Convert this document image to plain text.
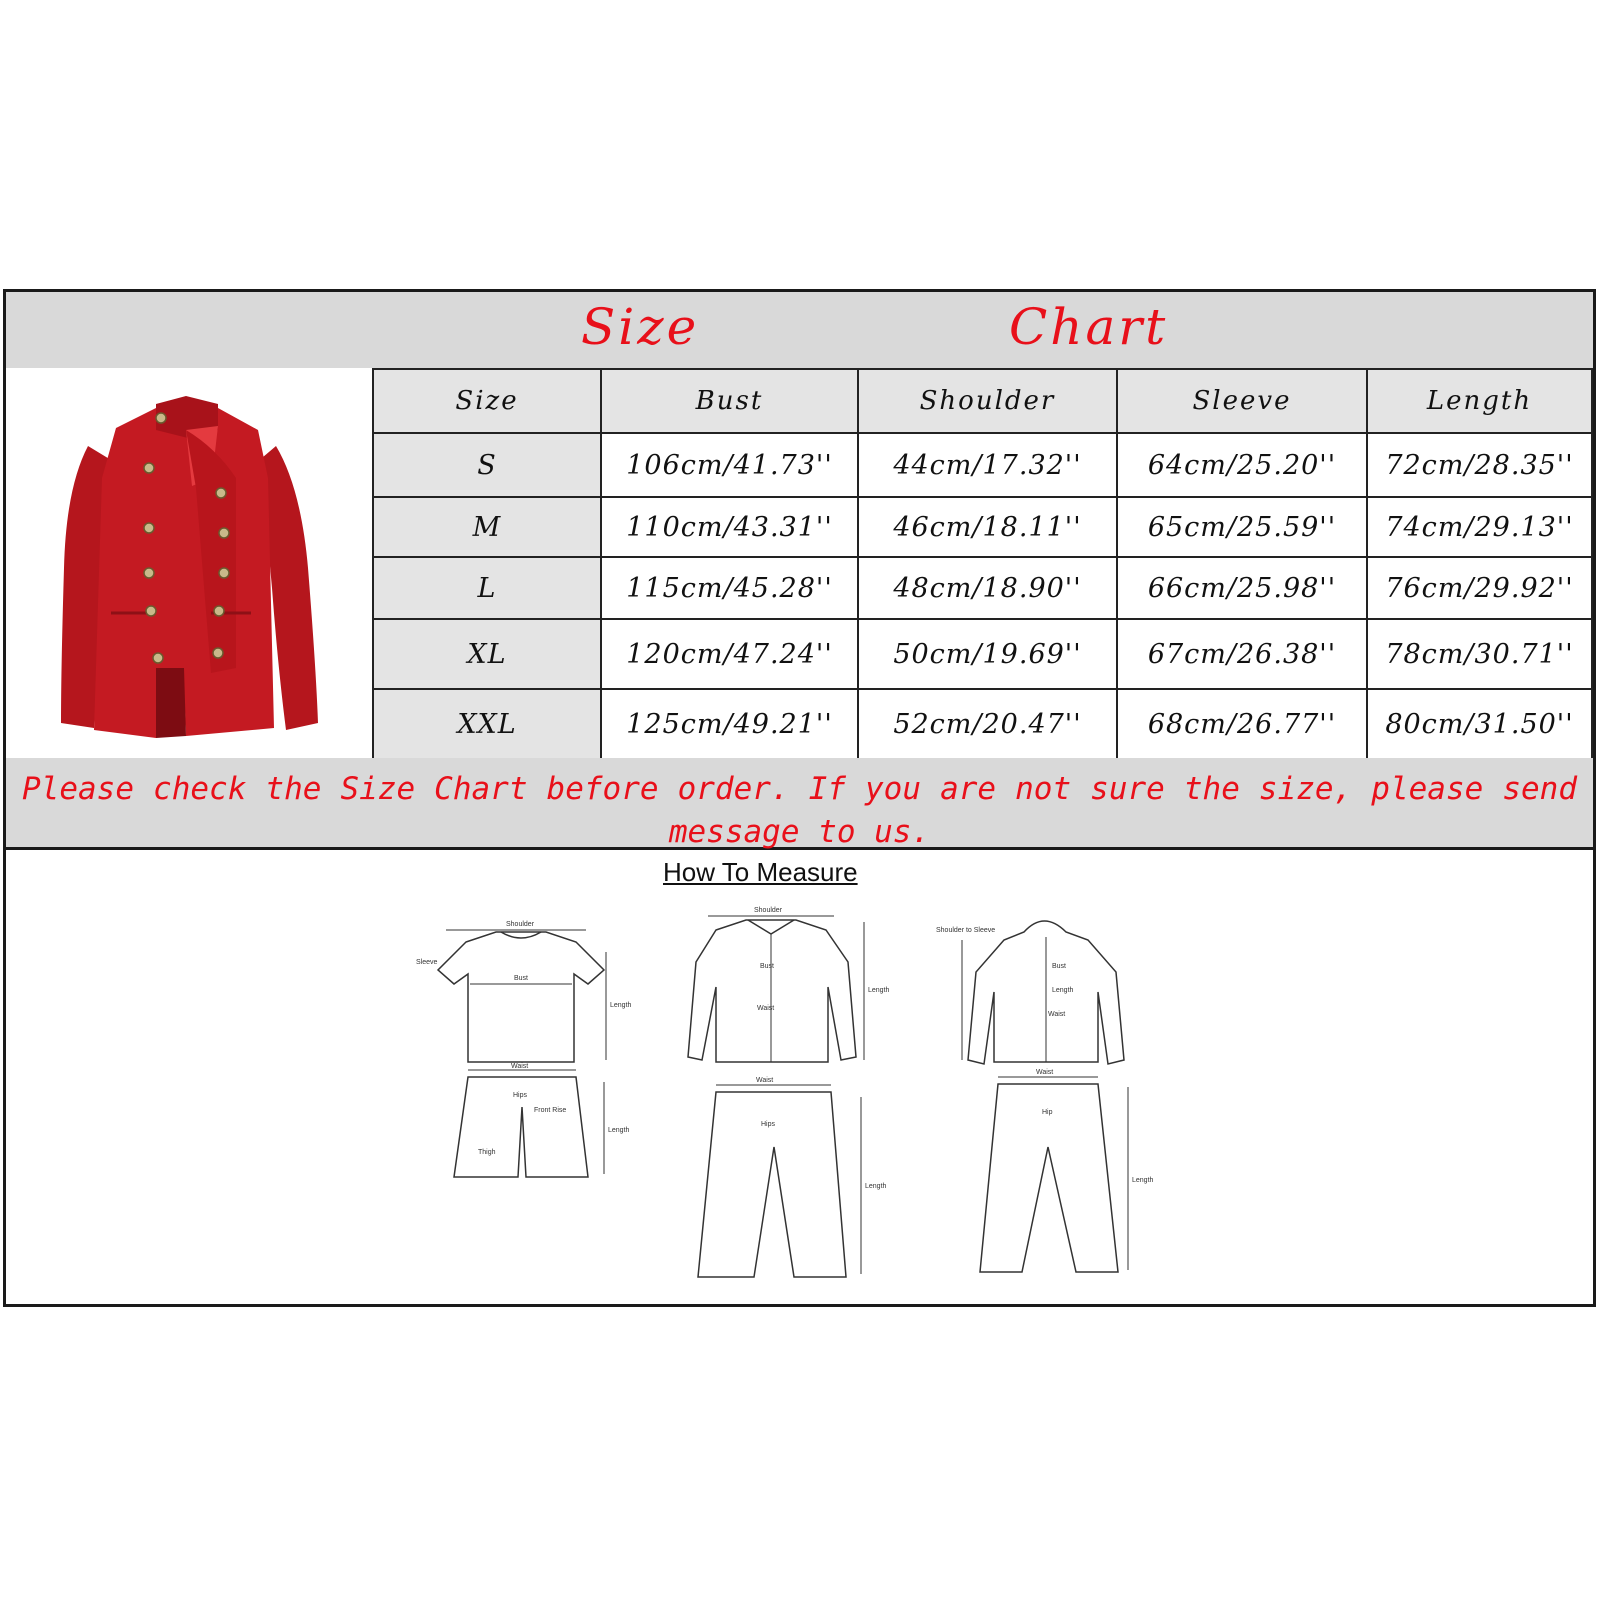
Size	Chart
Size	Bust	Shoulder	Sleeve	Length
S	106cm/41.73''	44cm/17.32''	64cm/25.20''	72cm/28.35''
M	110cm/43.31''	46cm/18.11''	65cm/25.59''	74cm/29.13''
L	115cm/45.28''	48cm/18.90''	66cm/25.98''	76cm/29.92''
XL	120cm/47.24''	50cm/19.69''	67cm/26.38''	78cm/30.71''
XXL	125cm/49.21''	52cm/20.47''	68cm/26.77''	80cm/31.50''

Please check the Size Chart before order. If you are not sure the size, please send message to us.

How To Measure
Shoulder
Sleeve
Bust
Length
Waist
Hips
Front Rise
Thigh
Length
Shoulder
Bust
Waist
Length
Waist
Hips
Length
Shoulder to Sleeve
Bust
Length
Waist
Waist
Hip
Length
